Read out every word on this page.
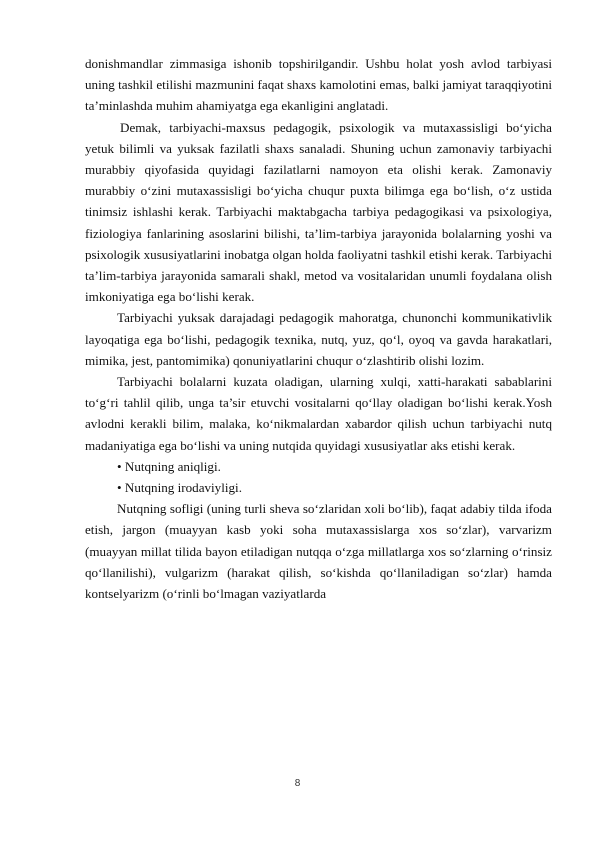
donishmandlar zimmasiga ishonib topshirilgandir. Ushbu holat yosh avlod tarbiyasi uning tashkil etilishi mazmunini faqat shaxs kamolotini emas, balki jamiyat taraqqiyotini ta’minlashda muhim ahamiyatga ega ekanligini anglatadi.

Demak, tarbiyachi-maxsus pedagogik, psixologik va mutaxassisligi bo‘yicha yetuk bilimli va yuksak fazilatli shaxs sanaladi. Shuning uchun zamonaviy tarbiyachi murabbiy qiyofasida quyidagi fazilatlarni namoyon eta olishi kerak. Zamonaviy murabbiy o‘zini mutaxassisligi bo‘yicha chuqur puxta bilimga ega bo‘lish, o‘z ustida tinimsiz ishlashi kerak. Tarbiyachi maktabgacha tarbiya pedagogikasi va psixologiya, fiziologiya fanlarining asoslarini bilishi, ta’lim-tarbiya jarayonida bolalarning yoshi va psixologik xususiyatlarini inobatga olgan holda faoliyatni tashkil etishi kerak. Tarbiyachi ta’lim-tarbiya jarayonida samarali shakl, metod va vositalaridan unumli foydalana olish imkoniyatiga ega bo‘lishi kerak.

Tarbiyachi yuksak darajadagi pedagogik mahoratga, chunonchi kommunikativlik layoqatiga ega bo‘lishi, pedagogik texnika, nutq, yuz, qo‘l, oyoq va gavda harakatlari, mimika, jest, pantomimika) qonuniyatlarini chuqur o‘zlashtirib olishi lozim.

Tarbiyachi bolalarni kuzata oladigan, ularning xulqi, xatti-harakati sabablarini to‘g‘ri tahlil qilib, unga ta’sir etuvchi vositalarni qo‘llay oladigan bo‘lishi kerak.Yosh avlodni kerakli bilim, malaka, ko‘nikmalardan xabardor qilish uchun tarbiyachi nutq madaniyatiga ega bo‘lishi va uning nutqida quyidagi xususiyatlar aks etishi kerak.

• Nutqning aniqligi.

• Nutqning irodaviyligi.

Nutqning sofligi (uning turli sheva so‘zlaridan xoli bo‘lib), faqat adabiy tilda ifoda etish, jargon (muayyan kasb yoki soha mutaxassislarga xos so‘zlar), varvarizm (muayyan millat tilida bayon etiladigan nutqqa o‘zga millatlarga xos so‘zlarning o‘rinsiz qo‘llanilishi), vulgarizm (harakat qilish, so‘kishda qo‘llaniladigan so‘zlar) hamda kontselyarizm (o‘rinli bo‘lmagan vaziyatlarda

8
